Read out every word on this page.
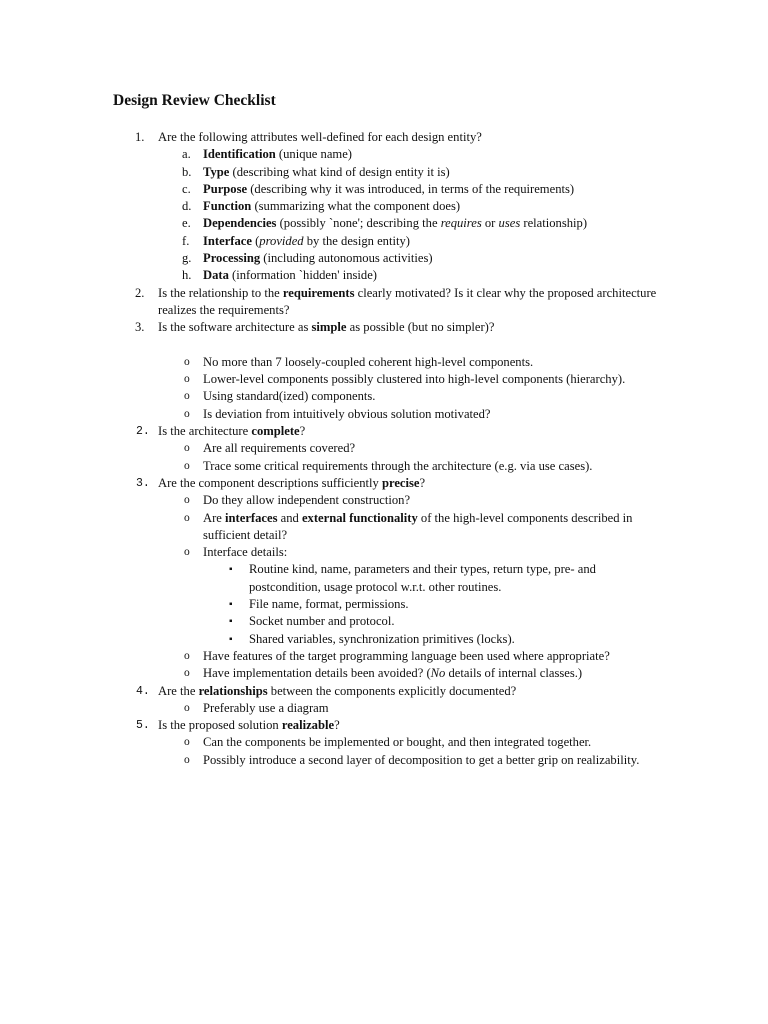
Design Review Checklist
1. Are the following attributes well-defined for each design entity?
a. Identification (unique name)
b. Type (describing what kind of design entity it is)
c. Purpose (describing why it was introduced, in terms of the requirements)
d. Function (summarizing what the component does)
e. Dependencies (possibly `none'; describing the requires or uses relationship)
f. Interface (provided by the design entity)
g. Processing (including autonomous activities)
h. Data (information `hidden' inside)
2. Is the relationship to the requirements clearly motivated? Is it clear why the proposed architecture realizes the requirements?
3. Is the software architecture as simple as possible (but no simpler)?
o No more than 7 loosely-coupled coherent high-level components.
o Lower-level components possibly clustered into high-level components (hierarchy).
o Using standard(ized) components.
o Is deviation from intuitively obvious solution motivated?
2. Is the architecture complete?
o Are all requirements covered?
o Trace some critical requirements through the architecture (e.g. via use cases).
3. Are the component descriptions sufficiently precise?
o Do they allow independent construction?
o Are interfaces and external functionality of the high-level components described in sufficient detail?
o Interface details:
▪ Routine kind, name, parameters and their types, return type, pre- and postcondition, usage protocol w.r.t. other routines.
▪ File name, format, permissions.
▪ Socket number and protocol.
▪ Shared variables, synchronization primitives (locks).
o Have features of the target programming language been used where appropriate?
o Have implementation details been avoided? (No details of internal classes.)
4. Are the relationships between the components explicitly documented?
o Preferably use a diagram
5. Is the proposed solution realizable?
o Can the components be implemented or bought, and then integrated together.
o Possibly introduce a second layer of decomposition to get a better grip on realizability.
